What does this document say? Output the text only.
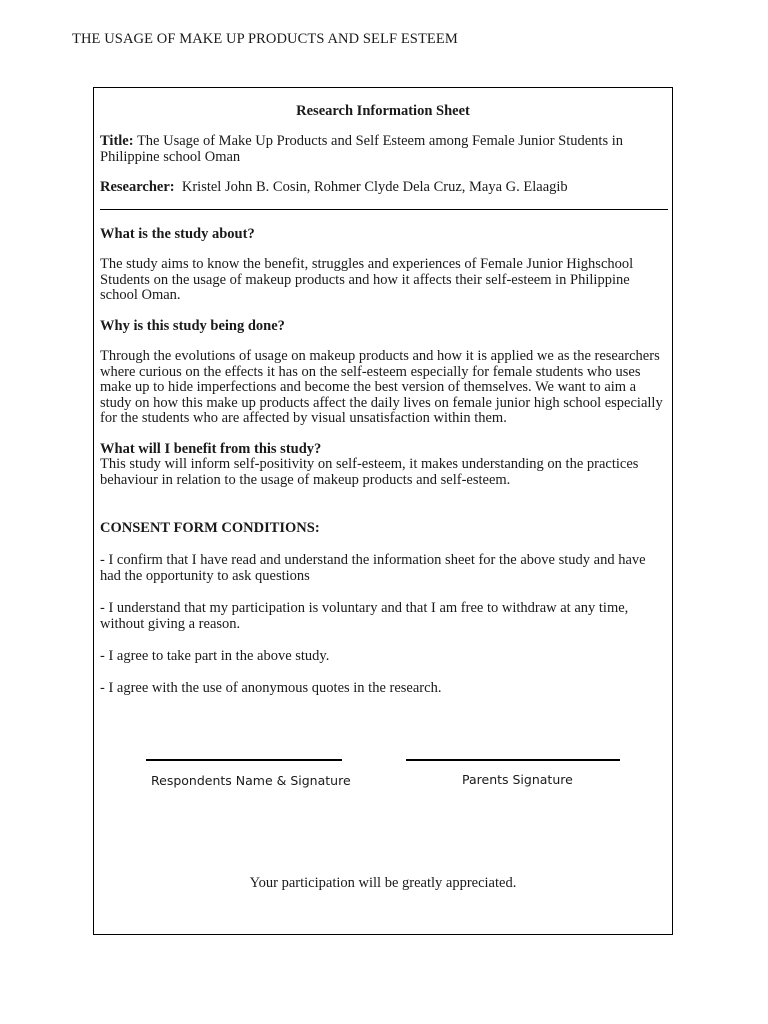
THE USAGE OF MAKE UP PRODUCTS AND SELF ESTEEM
Research Information Sheet
Title: The Usage of Make Up Products and Self Esteem among Female Junior Students in Philippine school Oman
Researcher: Kristel John B. Cosin, Rohmer Clyde Dela Cruz, Maya G. Elaagib
What is the study about?
The study aims to know the benefit, struggles and experiences of Female Junior Highschool Students on the usage of makeup products and how it affects their self-esteem in Philippine school Oman.
Why is this study being done?
Through the evolutions of usage on makeup products and how it is applied we as the researchers where curious on the effects it has on the self-esteem especially for female students who uses make up to hide imperfections and become the best version of themselves. We want to aim a study on how this make up products affect the daily lives on female junior high school especially for the students who are affected by visual unsatisfaction within them.
What will I benefit from this study?
This study will inform self-positivity on self-esteem, it makes understanding on the practices behaviour in relation to the usage of makeup products and self-esteem.
CONSENT FORM CONDITIONS:
- I confirm that I have read and understand the information sheet for the above study and have had the opportunity to ask questions
- I understand that my participation is voluntary and that I am free to withdraw at any time, without giving a reason.
- I agree to take part in the above study.
- I agree with the use of anonymous quotes in the research.
Respondents Name & Signature	Parents Signature
Your participation will be greatly appreciated.
